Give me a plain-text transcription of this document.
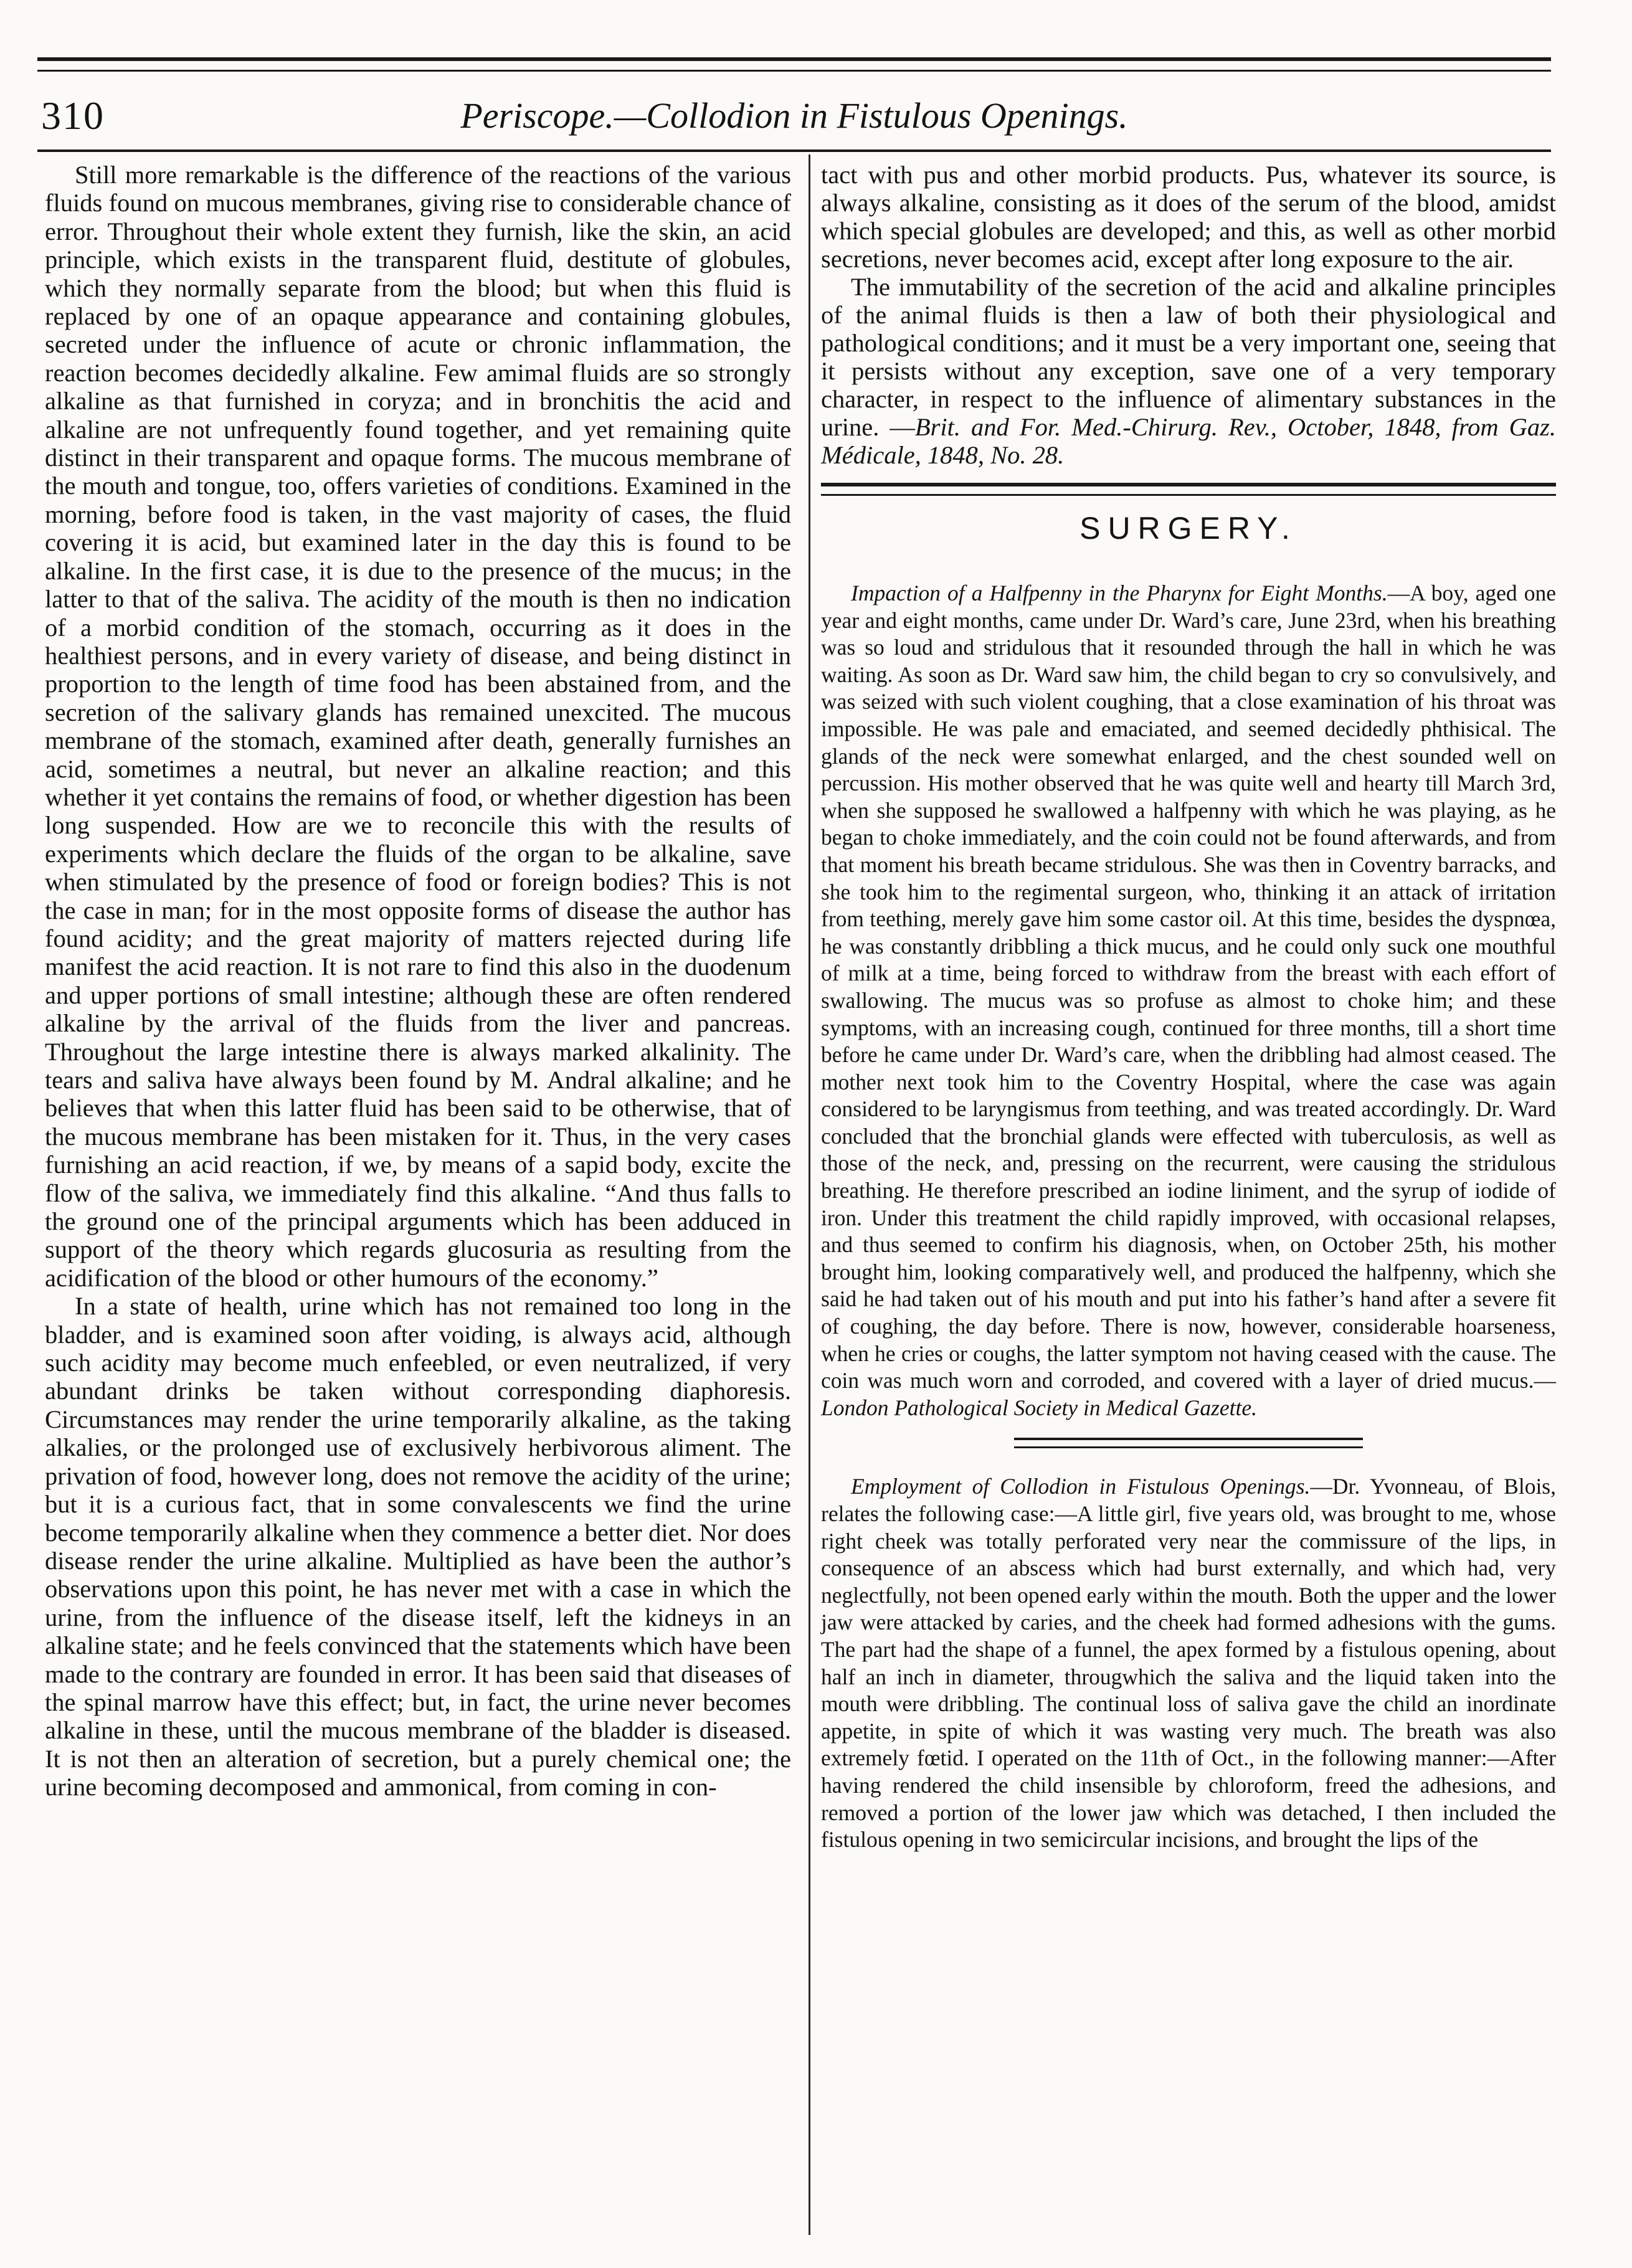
310	Periscope.—Collodion in Fistulous Openings.

Still more remarkable is the difference of the reactions of the various fluids found on mucous membranes, giving rise to considerable chance of error. Throughout their whole extent they furnish, like the skin, an acid principle, which exists in the transparent fluid, destitute of globules, which they normally separate from the blood; but when this fluid is replaced by one of an opaque appearance and containing globules, secreted under the influence of acute or chronic inflammation, the reaction becomes decidedly alkaline. Few amimal fluids are so strongly alkaline as that furnished in coryza; and in bronchitis the acid and alkaline are not unfrequently found together, and yet remaining quite distinct in their transparent and opaque forms. The mucous membrane of the mouth and tongue, too, offers varieties of conditions. Examined in the morning, before food is taken, in the vast majority of cases, the fluid covering it is acid, but examined later in the day this is found to be alkaline. In the first case, it is due to the presence of the mucus; in the latter to that of the saliva. The acidity of the mouth is then no indication of a morbid condition of the stomach, occurring as it does in the healthiest persons, and in every variety of disease, and being distinct in proportion to the length of time food has been abstained from, and the secretion of the salivary glands has remained unexcited. The mucous membrane of the stomach, examined after death, generally furnishes an acid, sometimes a neutral, but never an alkaline reaction; and this whether it yet contains the remains of food, or whether digestion has been long suspended. How are we to reconcile this with the results of experiments which declare the fluids of the organ to be alkaline, save when stimulated by the presence of food or foreign bodies? This is not the case in man; for in the most opposite forms of disease the author has found acidity; and the great majority of matters rejected during life manifest the acid reaction. It is not rare to find this also in the duodenum and upper portions of small intestine; although these are often rendered alkaline by the arrival of the fluids from the liver and pancreas. Throughout the large intestine there is always marked alkalinity. The tears and saliva have always been found by M. Andral alkaline; and he believes that when this latter fluid has been said to be otherwise, that of the mucous membrane has been mistaken for it. Thus, in the very cases furnishing an acid reaction, if we, by means of a sapid body, excite the flow of the saliva, we immediately find this alkaline. “And thus falls to the ground one of the principal arguments which has been adduced in support of the theory which regards glucosuria as resulting from the acidification of the blood or other humours of the economy.”

In a state of health, urine which has not remained too long in the bladder, and is examined soon after voiding, is always acid, although such acidity may become much enfeebled, or even neutralized, if very abundant drinks be taken without corresponding diaphoresis. Circumstances may render the urine temporarily alkaline, as the taking alkalies, or the prolonged use of exclusively herbivorous aliment. The privation of food, however long, does not remove the acidity of the urine; but it is a curious fact, that in some convalescents we find the urine become temporarily alkaline when they commence a better diet. Nor does disease render the urine alkaline. Multiplied as have been the author’s observations upon this point, he has never met with a case in which the urine, from the influence of the disease itself, left the kidneys in an alkaline state; and he feels convinced that the statements which have been made to the contrary are founded in error. It has been said that diseases of the spinal marrow have this effect; but, in fact, the urine never becomes alkaline in these, until the mucous membrane of the bladder is diseased. It is not then an alteration of secretion, but a purely chemical one; the urine becoming decomposed and ammonical, from coming in con-

tact with pus and other morbid products. Pus, whatever its source, is always alkaline, consisting as it does of the serum of the blood, amidst which special globules are developed; and this, as well as other morbid secretions, never becomes acid, except after long exposure to the air.

The immutability of the secretion of the acid and alkaline principles of the animal fluids is then a law of both their physiological and pathological conditions; and it must be a very important one, seeing that it persists without any exception, save one of a very temporary character, in respect to the influence of alimentary substances in the urine. —Brit. and For. Med.-Chirurg. Rev., October, 1848, from Gaz. Médicale, 1848, No. 28.

SURGERY.

Impaction of a Halfpenny in the Pharynx for Eight Months.—A boy, aged one year and eight months, came under Dr. Ward’s care, June 23rd, when his breathing was so loud and stridulous that it resounded through the hall in which he was waiting. As soon as Dr. Ward saw him, the child began to cry so convulsively, and was seized with such violent coughing, that a close examination of his throat was impossible. He was pale and emaciated, and seemed decidedly phthisical. The glands of the neck were somewhat enlarged, and the chest sounded well on percussion. His mother observed that he was quite well and hearty till March 3rd, when she supposed he swallowed a halfpenny with which he was playing, as he began to choke immediately, and the coin could not be found afterwards, and from that moment his breath became stridulous. She was then in Coventry barracks, and she took him to the regimental surgeon, who, thinking it an attack of irritation from teething, merely gave him some castor oil. At this time, besides the dyspnœa, he was constantly dribbling a thick mucus, and he could only suck one mouthful of milk at a time, being forced to withdraw from the breast with each effort of swallowing. The mucus was so profuse as almost to choke him; and these symptoms, with an increasing cough, continued for three months, till a short time before he came under Dr. Ward’s care, when the dribbling had almost ceased. The mother next took him to the Coventry Hospital, where the case was again considered to be laryngismus from teething, and was treated accordingly. Dr. Ward concluded that the bronchial glands were effected with tuberculosis, as well as those of the neck, and, pressing on the recurrent, were causing the stridulous breathing. He therefore prescribed an iodine liniment, and the syrup of iodide of iron. Under this treatment the child rapidly improved, with occasional relapses, and thus seemed to confirm his diagnosis, when, on October 25th, his mother brought him, looking comparatively well, and produced the halfpenny, which she said he had taken out of his mouth and put into his father’s hand after a severe fit of coughing, the day before. There is now, however, considerable hoarseness, when he cries or coughs, the latter symptom not having ceased with the cause. The coin was much worn and corroded, and covered with a layer of dried mucus.—London Pathological Society in Medical Gazette.

Employment of Collodion in Fistulous Openings.—Dr. Yvonneau, of Blois, relates the following case:—A little girl, five years old, was brought to me, whose right cheek was totally perforated very near the commissure of the lips, in consequence of an abscess which had burst externally, and which had, very neglectfully, not been opened early within the mouth. Both the upper and the lower jaw were attacked by caries, and the cheek had formed adhesions with the gums. The part had the shape of a funnel, the apex formed by a fistulous opening, about half an inch in diameter, througwhich the saliva and the liquid taken into the mouth were dribbling. The continual loss of saliva gave the child an inordinate appetite, in spite of which it was wasting very much. The breath was also extremely fœtid. I operated on the 11th of Oct., in the following manner:—After having rendered the child insensible by chloroform, freed the adhesions, and removed a portion of the lower jaw which was detached, I then included the fistulous opening in two semicircular incisions, and brought the lips of the
